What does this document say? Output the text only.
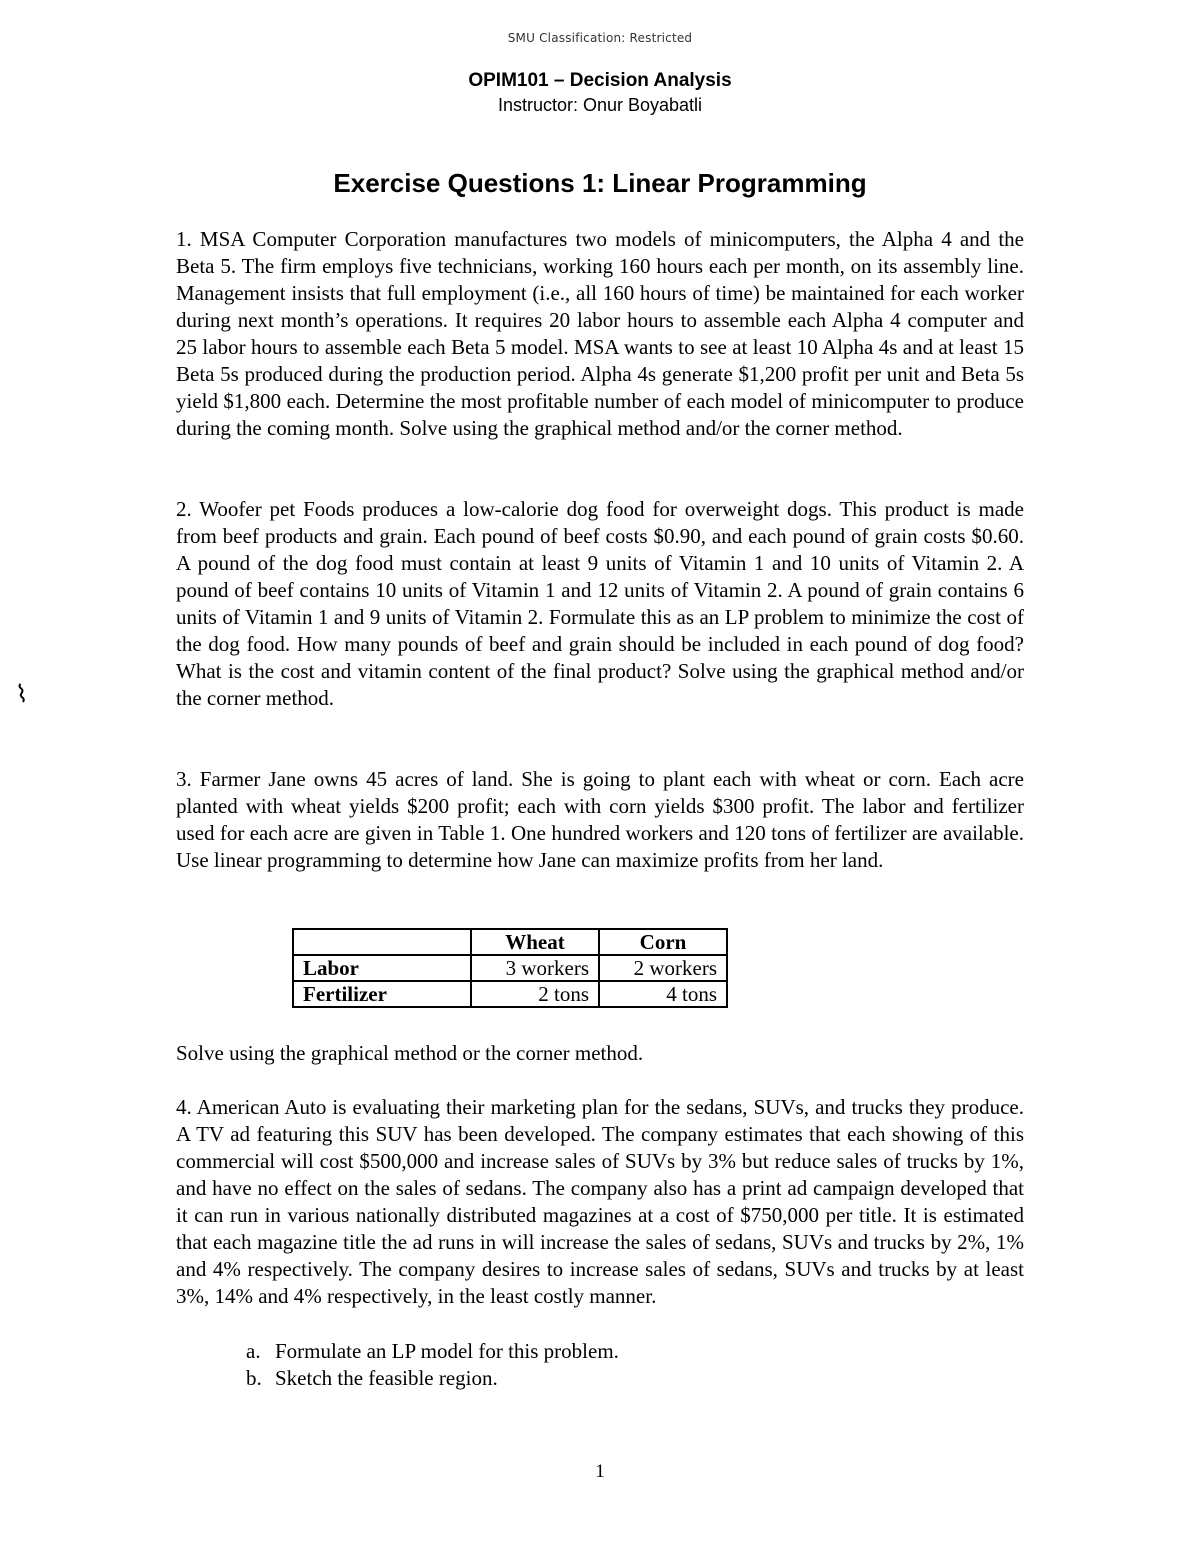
SMU Classification: Restricted
OPIM101 – Decision Analysis
Instructor: Onur Boyabatli
Exercise Questions 1: Linear Programming

1. MSA Computer Corporation manufactures two models of minicomputers, the Alpha 4 and the Beta 5. The firm employs five technicians, working 160 hours each per month, on its assembly line. Management insists that full employment (i.e., all 160 hours of time) be maintained for each worker during next month’s operations. It requires 20 labor hours to assemble each Alpha 4 computer and 25 labor hours to assemble each Beta 5 model. MSA wants to see at least 10 Alpha 4s and at least 15 Beta 5s produced during the production period. Alpha 4s generate $1,200 profit per unit and Beta 5s yield $1,800 each. Determine the most profitable number of each model of minicomputer to produce during the coming month. Solve using the graphical method and/or the corner method.

2. Woofer pet Foods produces a low-calorie dog food for overweight dogs. This product is made from beef products and grain. Each pound of beef costs $0.90, and each pound of grain costs $0.60. A pound of the dog food must contain at least 9 units of Vitamin 1 and 10 units of Vitamin 2. A pound of beef contains 10 units of Vitamin 1 and 12 units of Vitamin 2. A pound of grain contains 6 units of Vitamin 1 and 9 units of Vitamin 2. Formulate this as an LP problem to minimize the cost of the dog food. How many pounds of beef and grain should be included in each pound of dog food? What is the cost and vitamin content of the final product? Solve using the graphical method and/or the corner method.

⌇

3. Farmer Jane owns 45 acres of land. She is going to plant each with wheat or corn. Each acre planted with wheat yields $200 profit; each with corn yields $300 profit. The labor and fertilizer used for each acre are given in Table 1. One hundred workers and 120 tons of fertilizer are available. Use linear programming to determine how Jane can maximize profits from her land.

	Wheat	Corn
Labor	3 workers	2 workers
Fertilizer	2 tons	4 tons

Solve using the graphical method or the corner method.

4. American Auto is evaluating their marketing plan for the sedans, SUVs, and trucks they produce. A TV ad featuring this SUV has been developed. The company estimates that each showing of this commercial will cost $500,000 and increase sales of SUVs by 3% but reduce sales of trucks by 1%, and have no effect on the sales of sedans. The company also has a print ad campaign developed that it can run in various nationally distributed magazines at a cost of $750,000 per title. It is estimated that each magazine title the ad runs in will increase the sales of sedans, SUVs and trucks by 2%, 1% and 4% respectively. The company desires to increase sales of sedans, SUVs and trucks by at least 3%, 14% and 4% respectively, in the least costly manner.

a. Formulate an LP model for this problem.
b. Sketch the feasible region.
1
